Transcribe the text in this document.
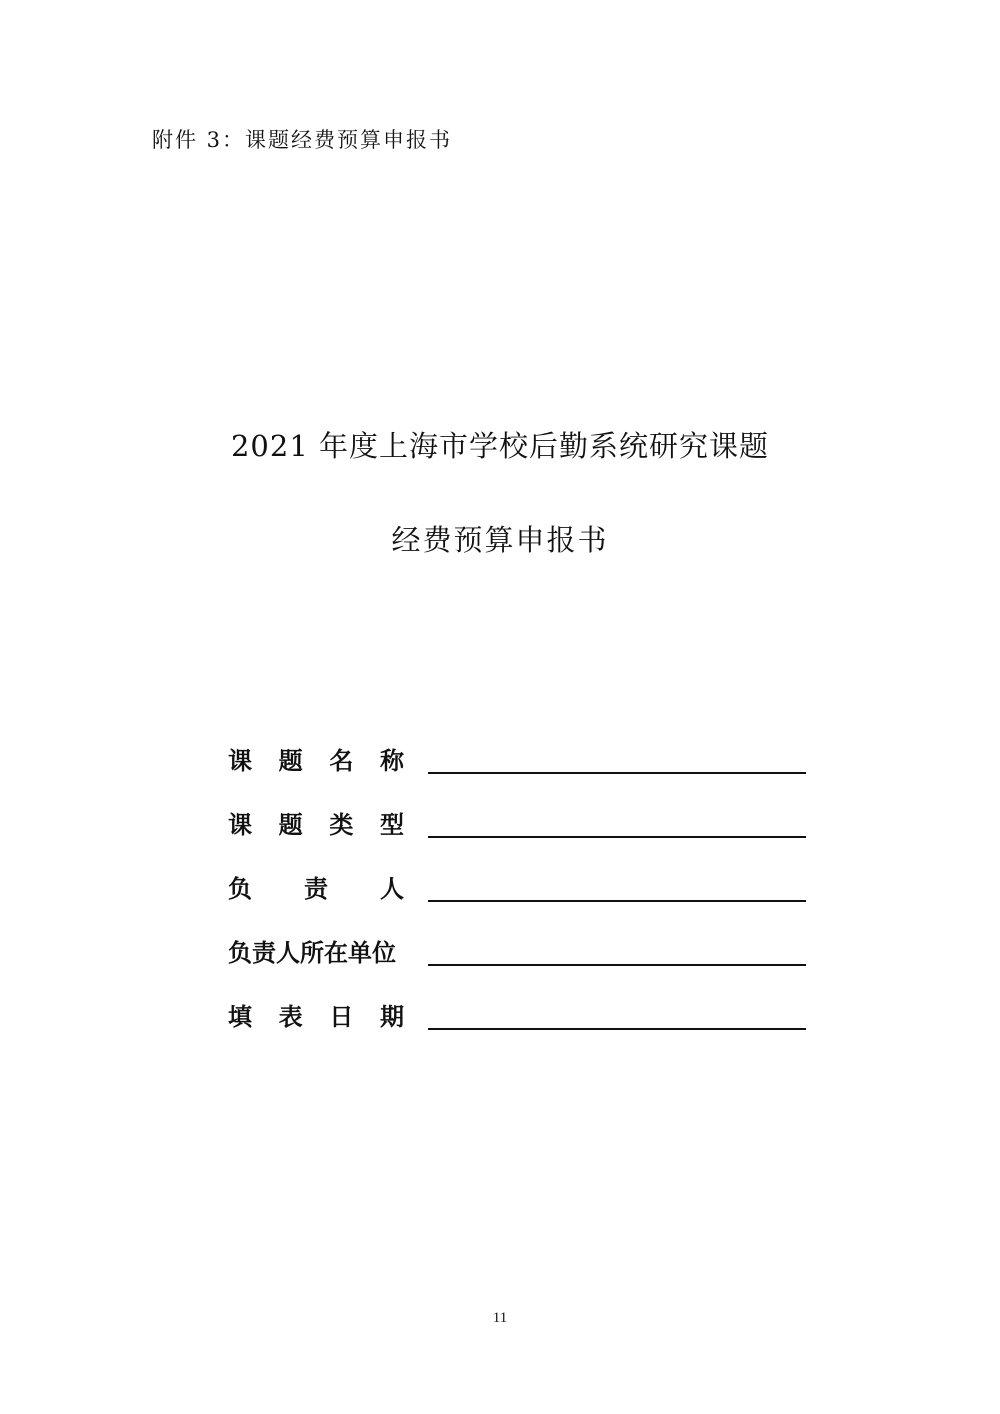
附件 3：课题经费预算申报书
2021 年度上海市学校后勤系统研究课题
经费预算申报书
课 题 名 称
课 题 类 型
负 责 人
负责人所在单位
填 表 日 期
11
